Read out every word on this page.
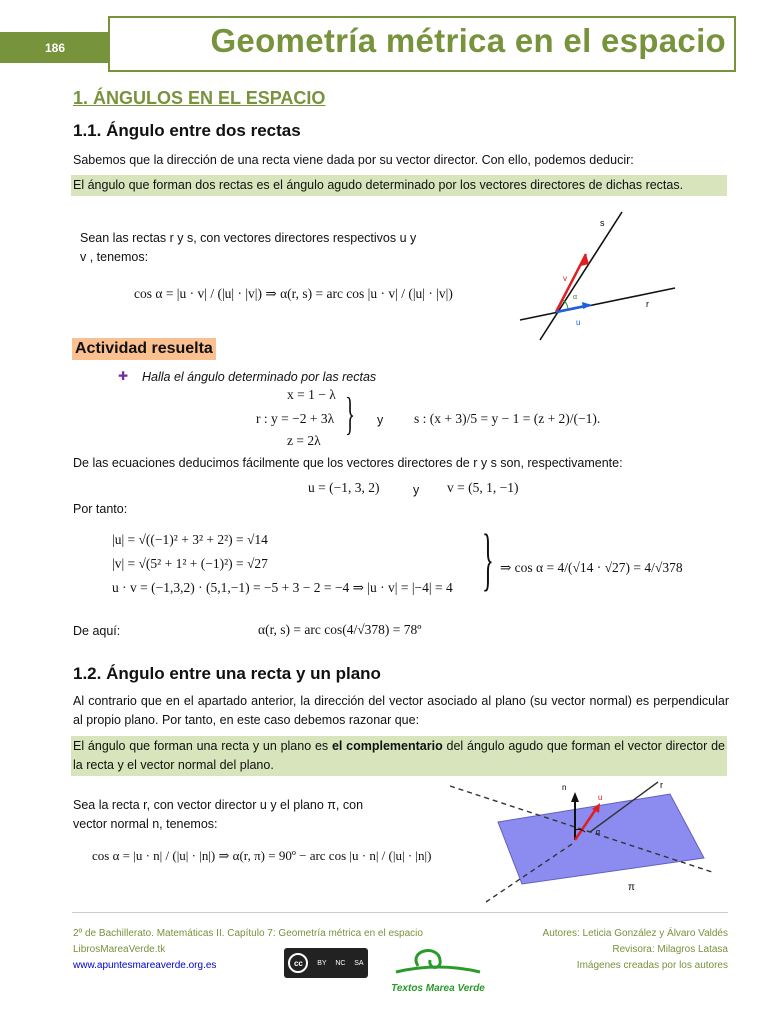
186	Geometría métrica en el espacio
1. ÁNGULOS EN EL ESPACIO
1.1. Ángulo entre dos rectas
Sabemos que la dirección de una recta viene dada por su vector director. Con ello, podemos deducir:
El ángulo que forman dos rectas es el ángulo agudo determinado por los vectores directores de dichas rectas.
Sean las rectas r y s, con vectores directores respectivos u y
v , tenemos:
cos α = |u · v| / (|u| · |v|) ⇒ α(r, s) = arc cos |u · v| / (|u| · |v|)
s
r
v
u
α
Actividad resuelta
✚ Halla el ángulo determinado por las rectas
x = 1 − λ
r : y = −2 + 3λ
z = 2λ
} y s : (x + 3)/5 = y − 1 = (z + 2)/(−1).
De las ecuaciones deducimos fácilmente que los vectores directores de r y s son, respectivamente:
u = (−1, 3, 2)	y v = (5, 1, −1)
Por tanto:
|u| = √((−1)² + 3² + 2²) = √14
|v| = √(5² + 1² + (−1)²) = √27
u · v = (−1,3,2) · (5,1,−1) = −5 + 3 − 2 = −4 ⇒ |u · v| = |−4| = 4 } ⇒ cos α = 4/(√14 · √27) = 4/√378
De aquí:	α(r, s) = arc cos(4/√378) = 78º
1.2. Ángulo entre una recta y un plano
Al contrario que en el apartado anterior, la dirección del vector asociado al plano (su vector normal) es perpendicular al propio plano. Por tanto, en este caso debemos razonar que:
El ángulo que forman una recta y un plano es el complementario del ángulo agudo que forman el vector director de la recta y el vector normal del plano.
Sea la recta r, con vector director u y el plano π, con
vector normal n, tenemos:
cos α = |u · n| / (|u| · |n|) ⇒ α(r, π) = 90º − arc cos |u · n| / (|u| · |n|)
r
n
u
α
π
2º de Bachillerato. Matemáticas II. Capítulo 7: Geometría métrica en el espacio
LibrosMareaVerde.tk
www.apuntesmareaverde.org.es
Autores: Leticia González y Álvaro Valdés
Revisora: Milagros Latasa
Imágenes creadas por los autores
cc	BY NC SA
Textos Marea Verde
